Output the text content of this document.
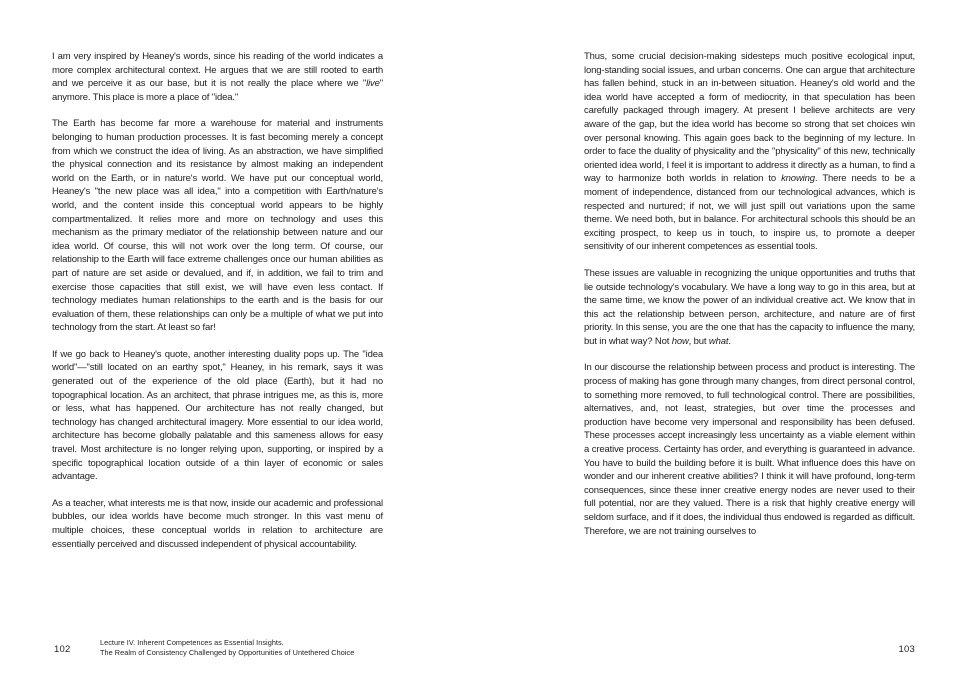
I am very inspired by Heaney's words, since his reading of the world indicates a more complex architectural context. He argues that we are still rooted to earth and we perceive it as our base, but it is not really the place where we "live" anymore. This place is more a place of "idea."

The Earth has become far more a warehouse for material and instruments belonging to human production processes. It is fast becoming merely a concept from which we construct the idea of living. As an abstraction, we have simplified the physical connection and its resistance by almost making an independent world on the Earth, or in nature's world. We have put our conceptual world, Heaney's "the new place was all idea," into a competition with Earth/nature's world, and the content inside this conceptual world appears to be highly compartmentalized. It relies more and more on technology and uses this mechanism as the primary mediator of the relationship between nature and our idea world. Of course, this will not work over the long term. Of course, our relationship to the Earth will face extreme challenges once our human abilities as part of nature are set aside or devalued, and if, in addition, we fail to trim and exercise those capacities that still exist, we will have even less contact. If technology mediates human relationships to the earth and is the basis for our evaluation of them, these relationships can only be a multiple of what we put into technology from the start. At least so far!

If we go back to Heaney's quote, another interesting duality pops up. The "idea world"—"still located on an earthy spot," Heaney, in his remark, says it was generated out of the experience of the old place (Earth), but it had no topographical location. As an architect, that phrase intrigues me, as this is, more or less, what has happened. Our architecture has not really changed, but technology has changed architectural imagery. More essential to our idea world, architecture has become globally palatable and this sameness allows for easy travel. Most architecture is no longer relying upon, supporting, or inspired by a specific topographical location outside of a thin layer of economic or sales advantage.

As a teacher, what interests me is that now, inside our academic and professional bubbles, our idea worlds have become much stronger. In this vast menu of multiple choices, these conceptual worlds in relation to architecture are essentially perceived and discussed independent of physical accountability.

Thus, some crucial decision-making sidesteps much positive ecological input, long-standing social issues, and urban concerns. One can argue that architecture has fallen behind, stuck in an in-between situation. Heaney's old world and the idea world have accepted a form of mediocrity, in that speculation has been carefully packaged through imagery. At present I believe architects are very aware of the gap, but the idea world has become so strong that set choices win over personal knowing. This again goes back to the beginning of my lecture. In order to face the duality of physicality and the "physicality" of this new, technically oriented idea world, I feel it is important to address it directly as a human, to find a way to harmonize both worlds in relation to knowing. There needs to be a moment of independence, distanced from our technological advances, which is respected and nurtured; if not, we will just spill out variations upon the same theme. We need both, but in balance. For architectural schools this should be an exciting prospect, to keep us in touch, to inspire us, to promote a deeper sensitivity of our inherent competences as essential tools.

These issues are valuable in recognizing the unique opportunities and truths that lie outside technology's vocabulary. We have a long way to go in this area, but at the same time, we know the power of an individual creative act. We know that in this act the relationship between person, architecture, and nature are of first priority. In this sense, you are the one that has the capacity to influence the many, but in what way? Not how, but what.

In our discourse the relationship between process and product is interesting. The process of making has gone through many changes, from direct personal control, to something more removed, to full technological control. There are possibilities, alternatives, and, not least, strategies, but over time the processes and production have become very impersonal and responsibility has been defused. These processes accept increasingly less uncertainty as a viable element within a creative process. Certainty has order, and everything is guaranteed in advance. You have to build the building before it is built. What influence does this have on wonder and our inherent creative abilities? I think it will have profound, long-term consequences, since these inner creative energy nodes are never used to their full potential, nor are they valued. There is a risk that highly creative energy will seldom surface, and if it does, the individual thus endowed is regarded as difficult. Therefore, we are not training ourselves to

102
Lecture IV. Inherent Competences as Essential Insights.
The Realm of Consistency Challenged by Opportunities of Untethered Choice	103
